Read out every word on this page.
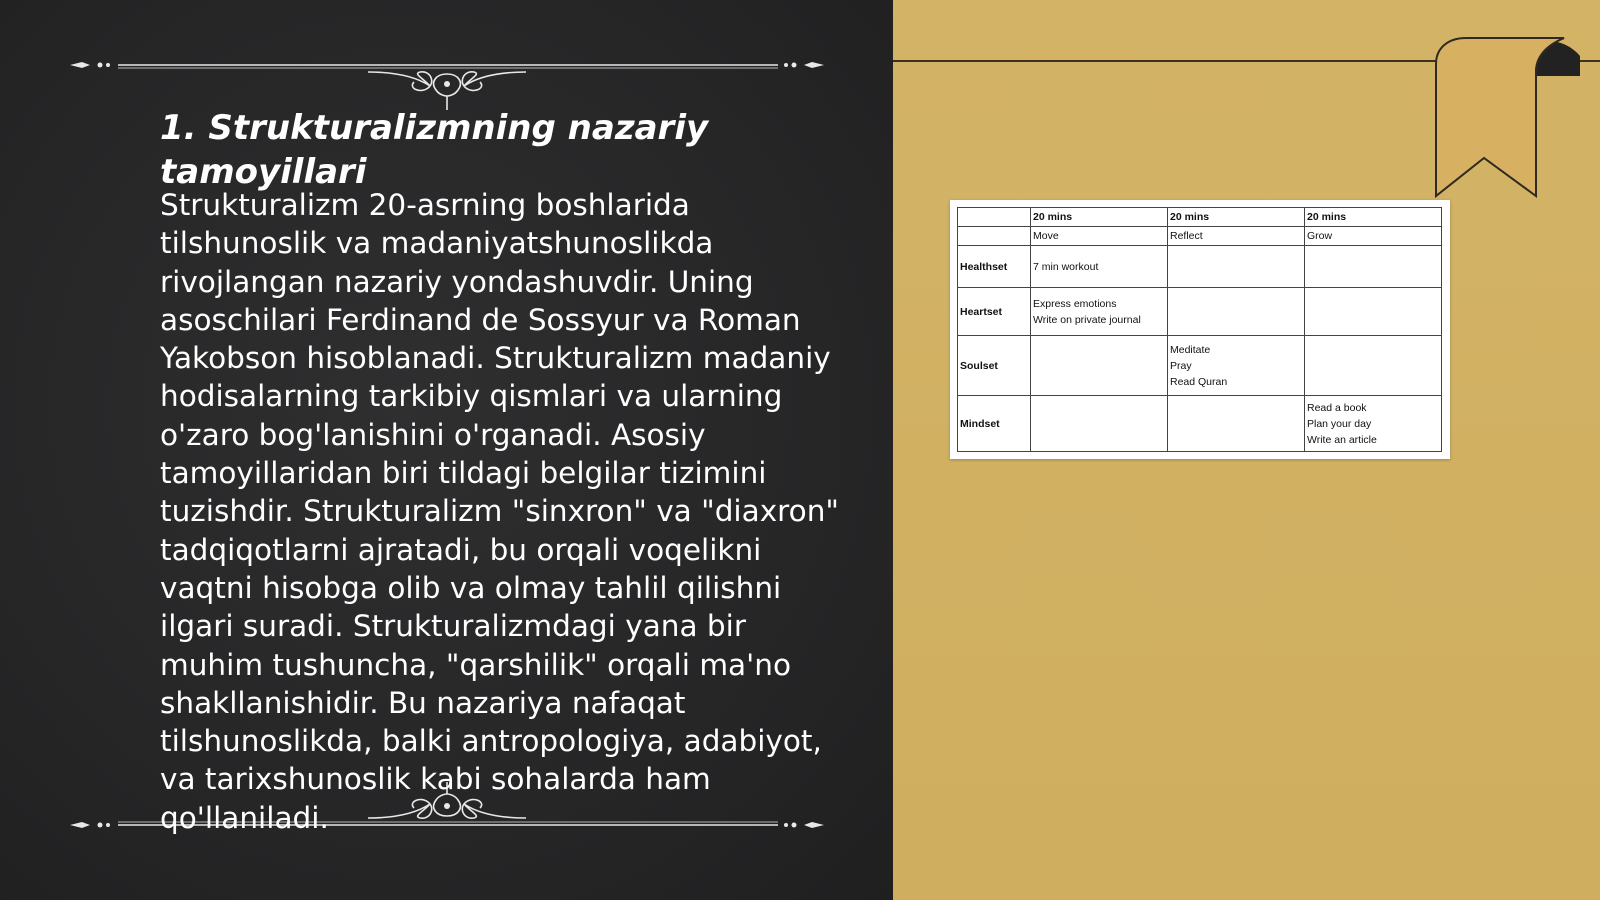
1. Strukturalizmning nazariy tamoyillari

Strukturalizm 20-asrning boshlarida tilshunoslik va madaniyatshunoslikda rivojlangan nazariy yondashuvdir. Uning asoschilari Ferdinand de Sossyur va Roman Yakobson hisoblanadi. Strukturalizm madaniy hodisalarning tarkibiy qismlari va ularning o'zaro bog'lanishini o'rganadi. Asosiy tamoyillaridan biri tildagi belgilar tizimini tuzishdir. Strukturalizm "sinxron" va "diaxron" tadqiqotlarni ajratadi, bu orqali voqelikni vaqtni hisobga olib va olmay tahlil qilishni ilgari suradi. Strukturalizmdagi yana bir muhim tushuncha, "qarshilik" orqali ma'no shakllanishidir. Bu nazariya nafaqat tilshunoslikda, balki antropologiya, adabiyot, va tarixshunoslik kabi sohalarda ham qo'llaniladi.

	20 mins	20 mins	20 mins
	Move	Reflect	Grow
Healthset	7 min workout		

Heartset	Express emotions
Write on private journal		

Soulset		Meditate
Pray
Read Quran	

Mindset			Read a book
Plan your day
Write an article
